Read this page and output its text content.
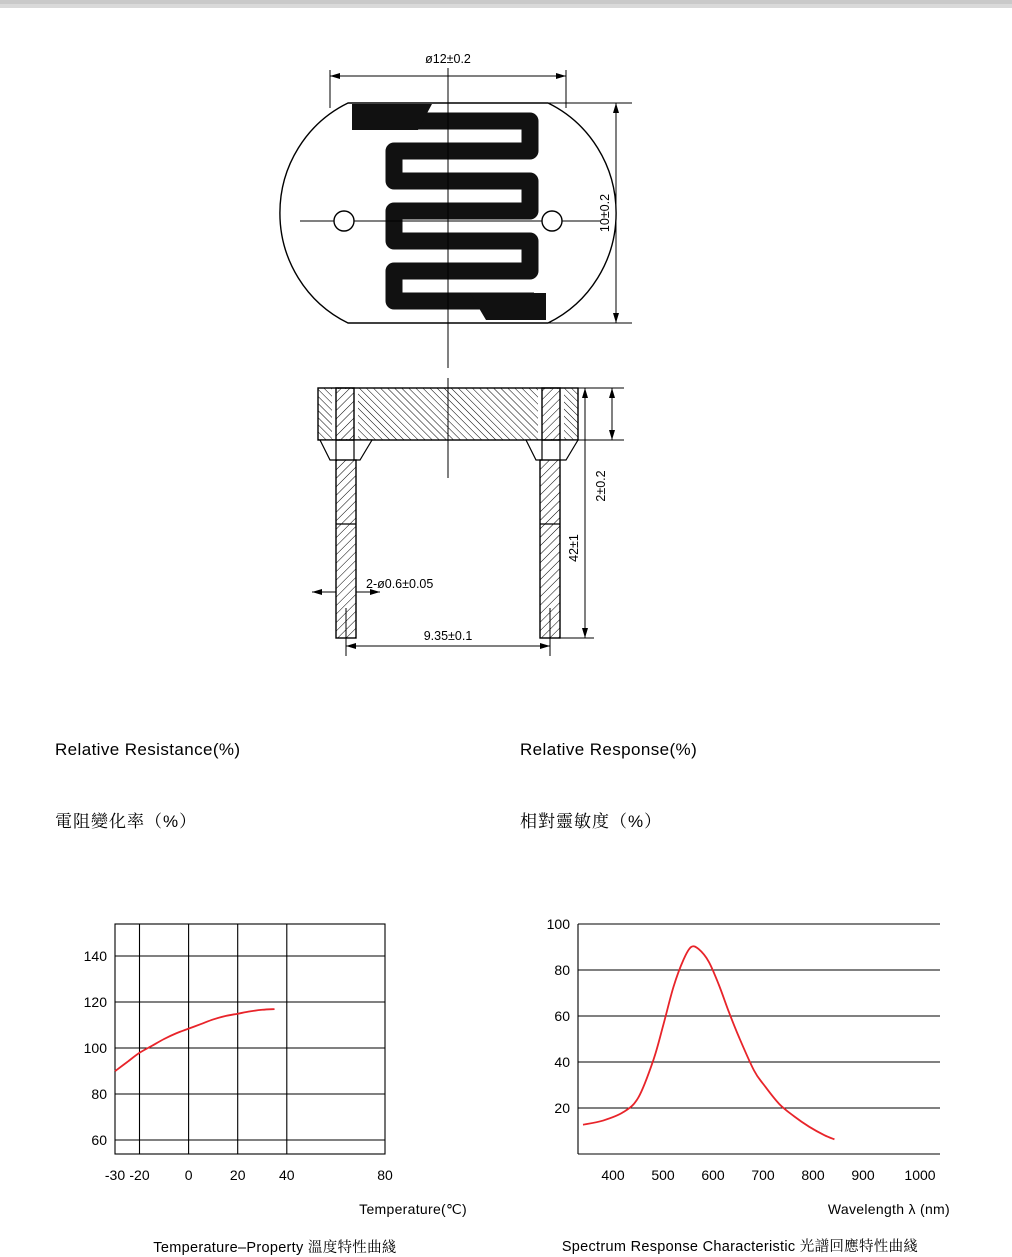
ø12±0.2
10±0.2
2±0.2
42±1
2-ø0.6±0.05
9.35±0.1

Relative Resistance(%)

電阻變化率（%）

140
120
100
80
60
-30 -20	0	20 40	80
Temperature(℃)
Temperature–Property 溫度特性曲綫

Relative Response(%)

相對靈敏度（%）

100
80
60
40
20
400 500 600 700 800 900 1000
Wavelength λ (nm)
Spectrum Response Characteristic 光譜回應特性曲綫
